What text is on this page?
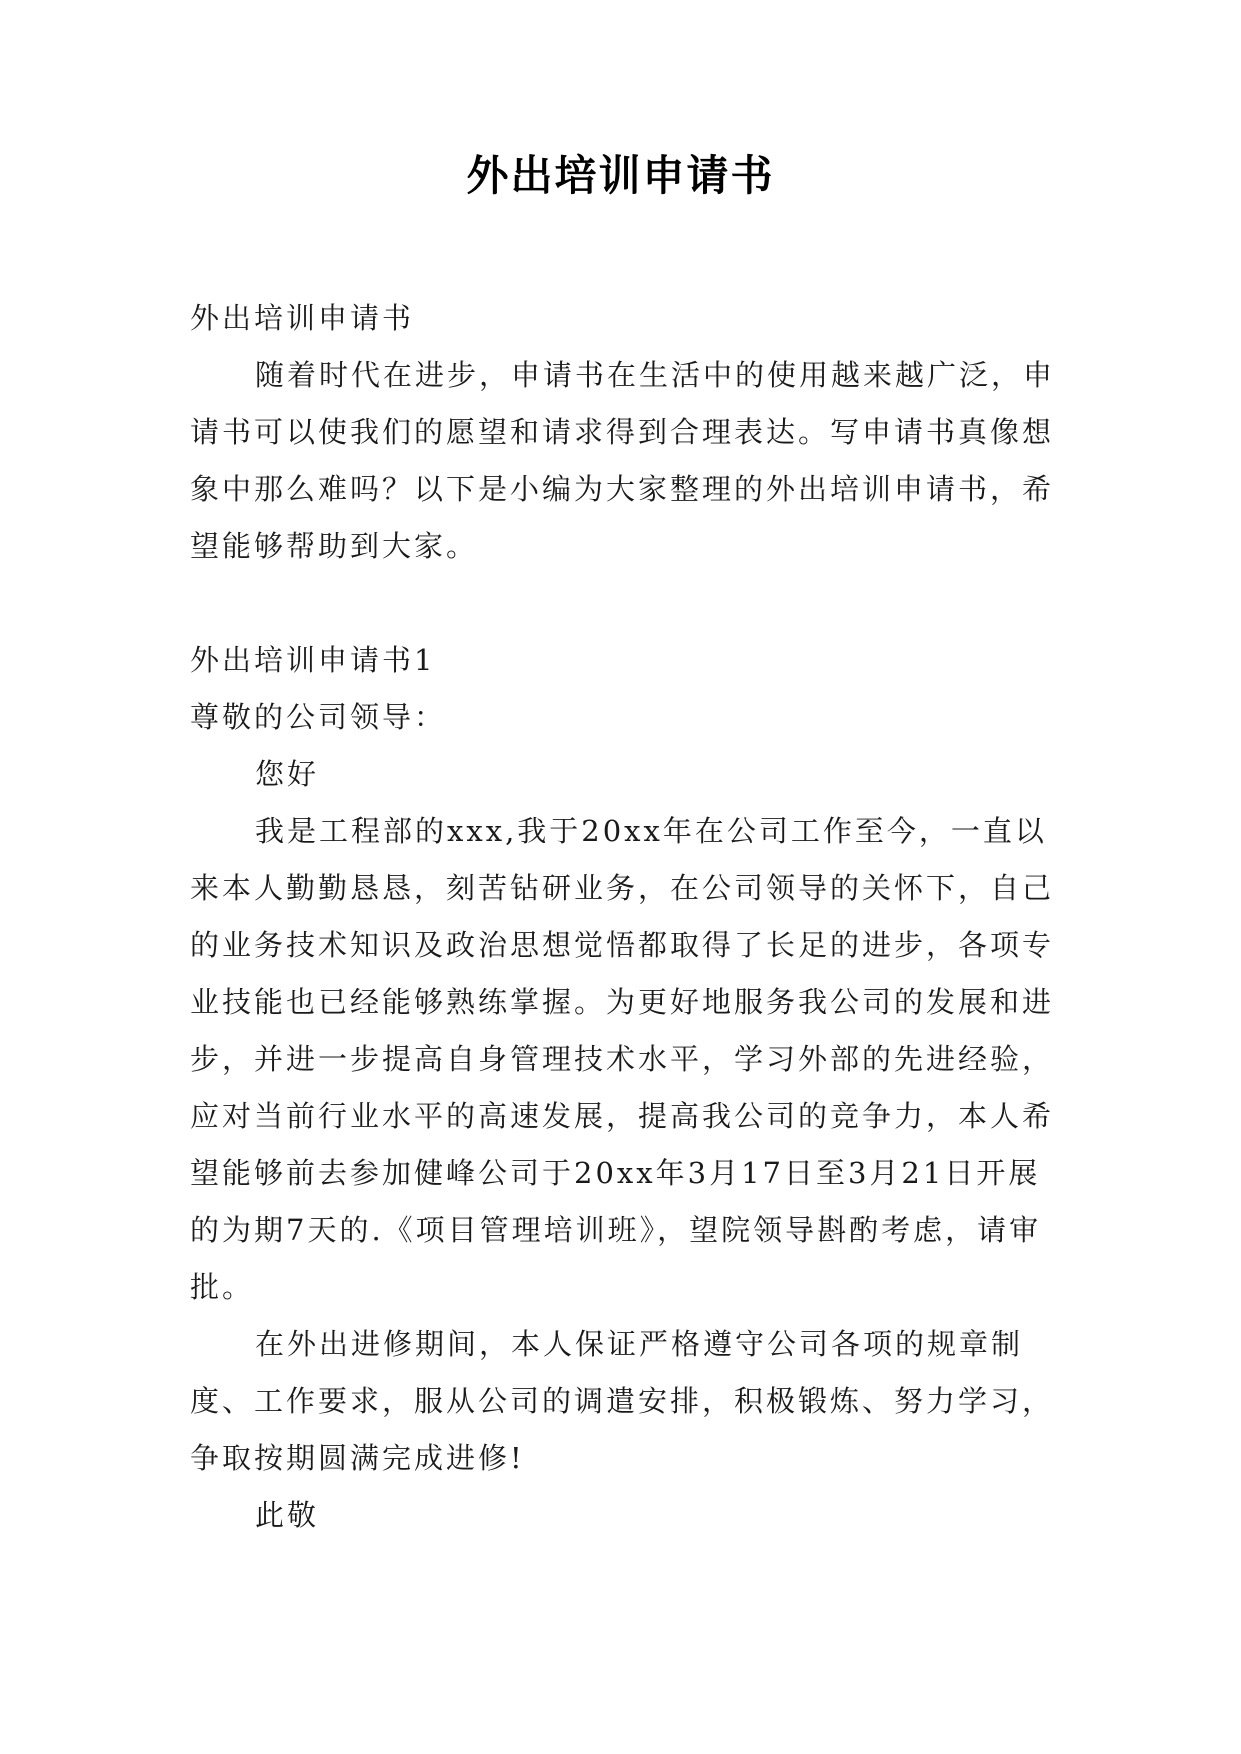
外出培训申请书

外出培训申请书

随着时代在进步，申请书在生活中的使用越来越广泛，申请书可以使我们的愿望和请求得到合理表达。写申请书真像想象中那么难吗？以下是小编为大家整理的外出培训申请书，希望能够帮助到大家。

外出培训申请书1

尊敬的公司领导：

您好

我是工程部的xxx,我于20xx年在公司工作至今，一直以来本人勤勤恳恳，刻苦钻研业务，在公司领导的关怀下，自己的业务技术知识及政治思想觉悟都取得了长足的进步，各项专业技能也已经能够熟练掌握。为更好地服务我公司的发展和进步，并进一步提高自身管理技术水平，学习外部的先进经验，应对当前行业水平的高速发展，提高我公司的竞争力，本人希望能够前去参加健峰公司于20xx年3月17日至3月21日开展的为期7天的.《项目管理培训班》，望院领导斟酌考虑，请审批。

在外出进修期间，本人保证严格遵守公司各项的规章制度、工作要求，服从公司的调遣安排，积极锻炼、努力学习，争取按期圆满完成进修!

此敬
